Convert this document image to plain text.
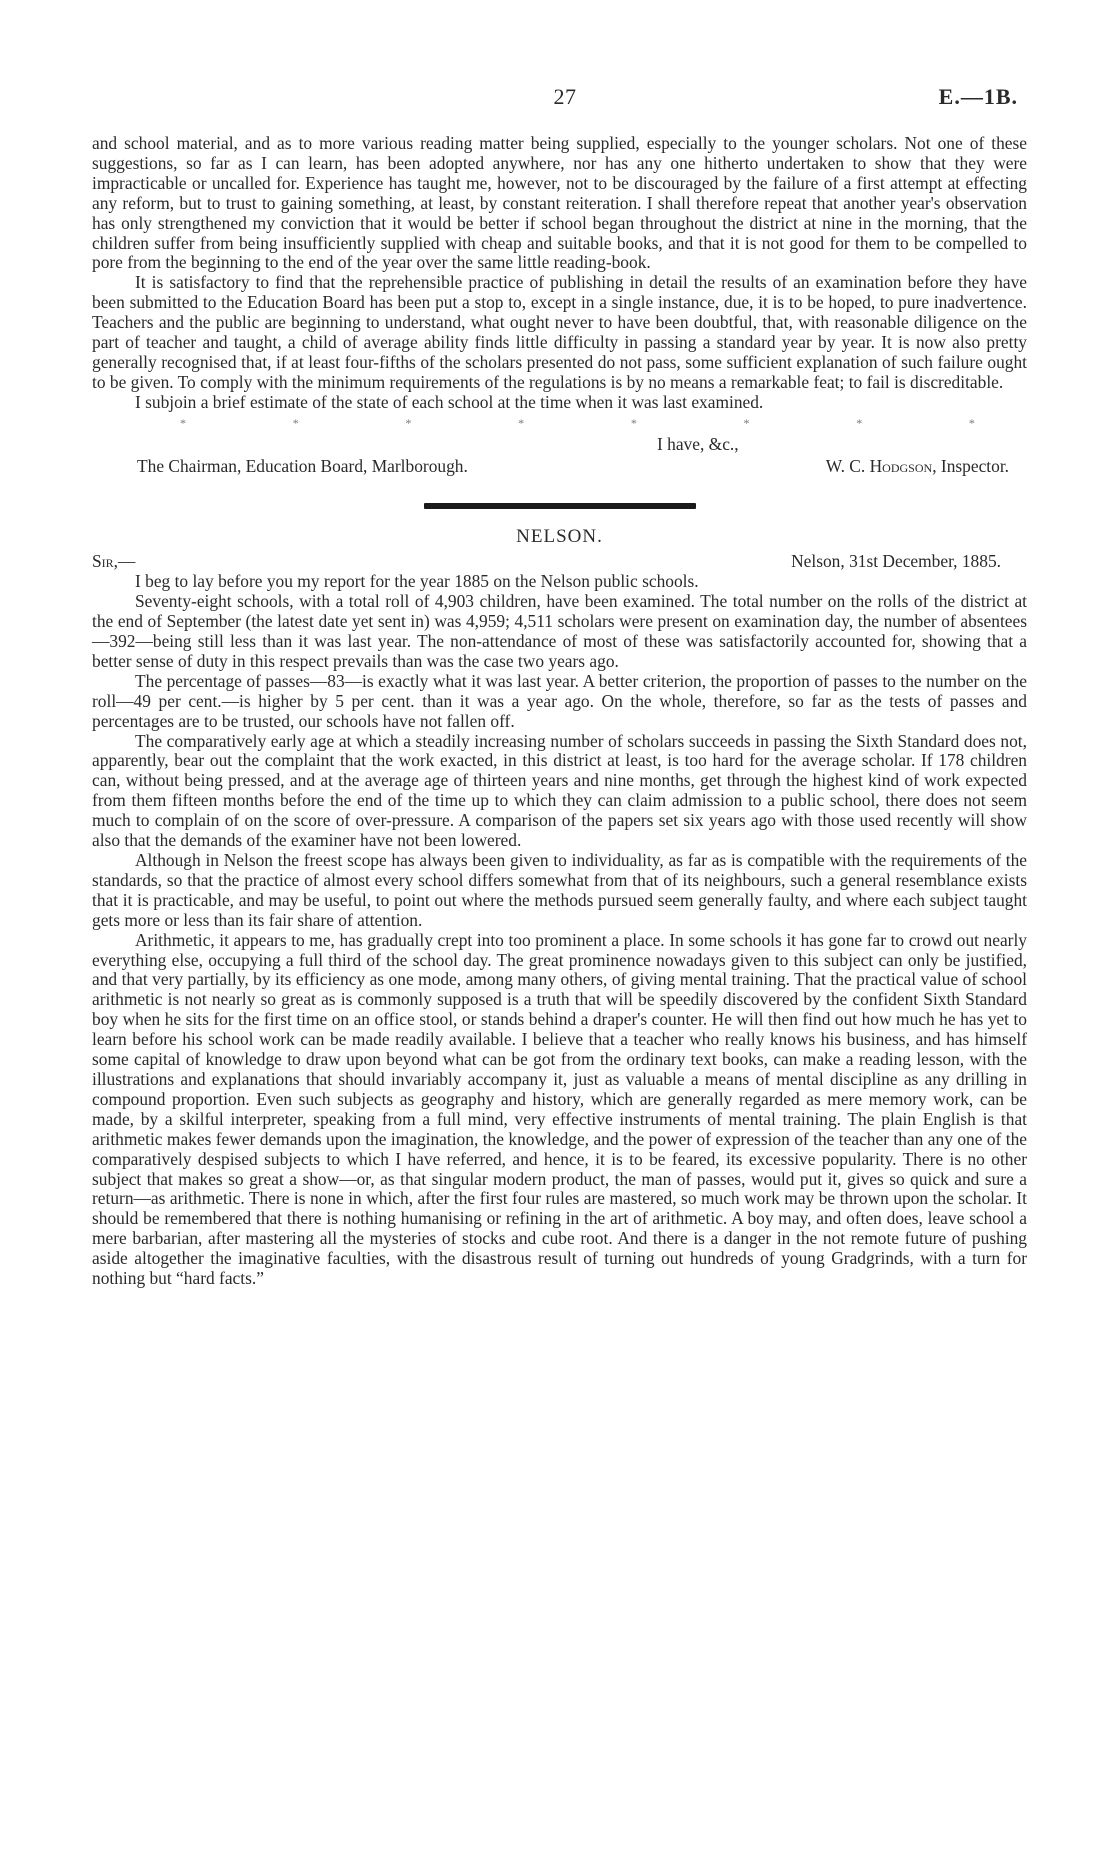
27	E.—1B.

and school material, and as to more various reading matter being supplied, especially to the younger scholars. Not one of these suggestions, so far as I can learn, has been adopted anywhere, nor has any one hitherto undertaken to show that they were impracticable or uncalled for. Experience has taught me, however, not to be discouraged by the failure of a first attempt at effecting any reform, but to trust to gaining something, at least, by constant reiteration. I shall therefore repeat that another year's observation has only strengthened my conviction that it would be better if school began throughout the district at nine in the morning, that the children suffer from being insufficiently supplied with cheap and suitable books, and that it is not good for them to be compelled to pore from the beginning to the end of the year over the same little reading-book.

It is satisfactory to find that the reprehensible practice of publishing in detail the results of an examination before they have been submitted to the Education Board has been put a stop to, except in a single instance, due, it is to be hoped, to pure inadvertence. Teachers and the public are beginning to understand, what ought never to have been doubtful, that, with reasonable diligence on the part of teacher and taught, a child of average ability finds little difficulty in passing a standard year by year. It is now also pretty generally recognised that, if at least four-fifths of the scholars presented do not pass, some sufficient explanation of such failure ought to be given. To comply with the minimum requirements of the regulations is by no means a remarkable feat; to fail is discreditable.

I subjoin a brief estimate of the state of each school at the time when it was last examined.

*	*	*	*	*	*	*	*
I have, &c.,
The Chairman, Education Board, Marlborough.	W. C. Hodgson, Inspector.
NELSON.
Sir,—	Nelson, 31st December, 1885.

I beg to lay before you my report for the year 1885 on the Nelson public schools.

Seventy-eight schools, with a total roll of 4,903 children, have been examined. The total number on the rolls of the district at the end of September (the latest date yet sent in) was 4,959; 4,511 scholars were present on examination day, the number of absentees—392—being still less than it was last year. The non-attendance of most of these was satisfactorily accounted for, showing that a better sense of duty in this respect prevails than was the case two years ago.

The percentage of passes—83—is exactly what it was last year. A better criterion, the proportion of passes to the number on the roll—49 per cent.—is higher by 5 per cent. than it was a year ago. On the whole, therefore, so far as the tests of passes and percentages are to be trusted, our schools have not fallen off.

The comparatively early age at which a steadily increasing number of scholars succeeds in passing the Sixth Standard does not, apparently, bear out the complaint that the work exacted, in this district at least, is too hard for the average scholar. If 178 children can, without being pressed, and at the average age of thirteen years and nine months, get through the highest kind of work expected from them fifteen months before the end of the time up to which they can claim admission to a public school, there does not seem much to complain of on the score of over-pressure. A comparison of the papers set six years ago with those used recently will show also that the demands of the examiner have not been lowered.

Although in Nelson the freest scope has always been given to individuality, as far as is compatible with the requirements of the standards, so that the practice of almost every school differs somewhat from that of its neighbours, such a general resemblance exists that it is practicable, and may be useful, to point out where the methods pursued seem generally faulty, and where each subject taught gets more or less than its fair share of attention.

Arithmetic, it appears to me, has gradually crept into too prominent a place. In some schools it has gone far to crowd out nearly everything else, occupying a full third of the school day. The great prominence nowadays given to this subject can only be justified, and that very partially, by its efficiency as one mode, among many others, of giving mental training. That the practical value of school arithmetic is not nearly so great as is commonly supposed is a truth that will be speedily discovered by the confident Sixth Standard boy when he sits for the first time on an office stool, or stands behind a draper's counter. He will then find out how much he has yet to learn before his school work can be made readily available. I believe that a teacher who really knows his business, and has himself some capital of knowledge to draw upon beyond what can be got from the ordinary text books, can make a reading lesson, with the illustrations and explanations that should invariably accompany it, just as valuable a means of mental discipline as any drilling in compound proportion. Even such subjects as geography and history, which are generally regarded as mere memory work, can be made, by a skilful interpreter, speaking from a full mind, very effective instruments of mental training. The plain English is that arithmetic makes fewer demands upon the imagination, the knowledge, and the power of expression of the teacher than any one of the comparatively despised subjects to which I have referred, and hence, it is to be feared, its excessive popularity. There is no other subject that makes so great a show—or, as that singular modern product, the man of passes, would put it, gives so quick and sure a return—as arithmetic. There is none in which, after the first four rules are mastered, so much work may be thrown upon the scholar. It should be remembered that there is nothing humanising or refining in the art of arithmetic. A boy may, and often does, leave school a mere barbarian, after mastering all the mysteries of stocks and cube root. And there is a danger in the not remote future of pushing aside altogether the imaginative faculties, with the disastrous result of turning out hundreds of young Gradgrinds, with a turn for nothing but “hard facts.”
